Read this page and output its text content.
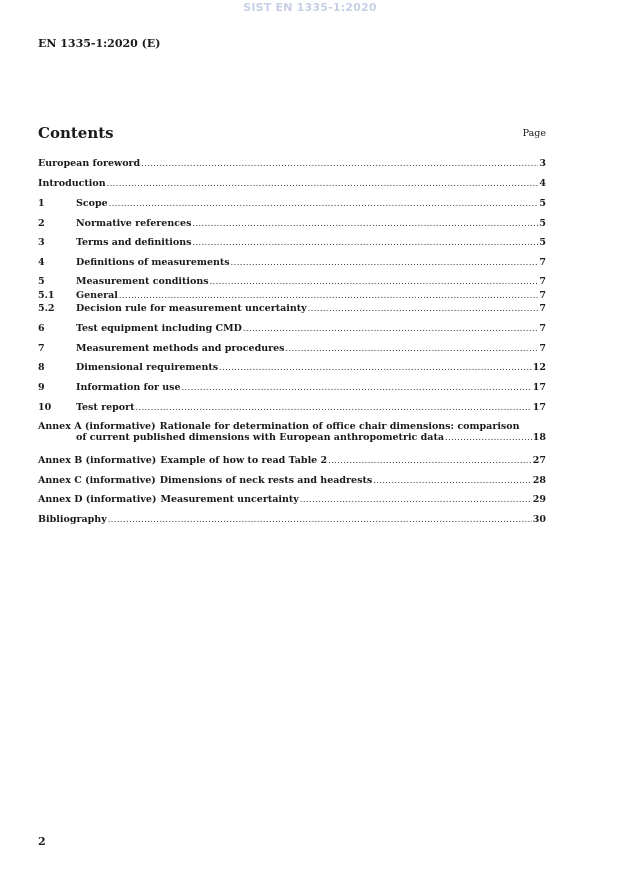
SIST EN 1335-1:2020
EN 1335-1:2020 (E)
Contents	Page
European foreword .....	3
Introduction .....	4
1	Scope .....	5
2	Normative references .....	5
3	Terms and definitions .....	5
4	Definitions of measurements .....	7
5	Measurement conditions .....	7
5.1	General .....	7
5.2	Decision rule for measurement uncertainty .....	7
6	Test equipment including CMD .....	7
7	Measurement methods and procedures .....	7
8	Dimensional requirements .....	12
9	Information for use .....	17
10	Test report .....	17
Annex A (informative) Rationale for determination of office chair dimensions: comparison
of current published dimensions with European anthropometric data .....	18
Annex B (informative) Example of how to read Table 2 .....	27
Annex C (informative) Dimensions of neck rests and headrests .....	28
Annex D (informative) Measurement uncertainty .....	29
Bibliography .....	30
2
